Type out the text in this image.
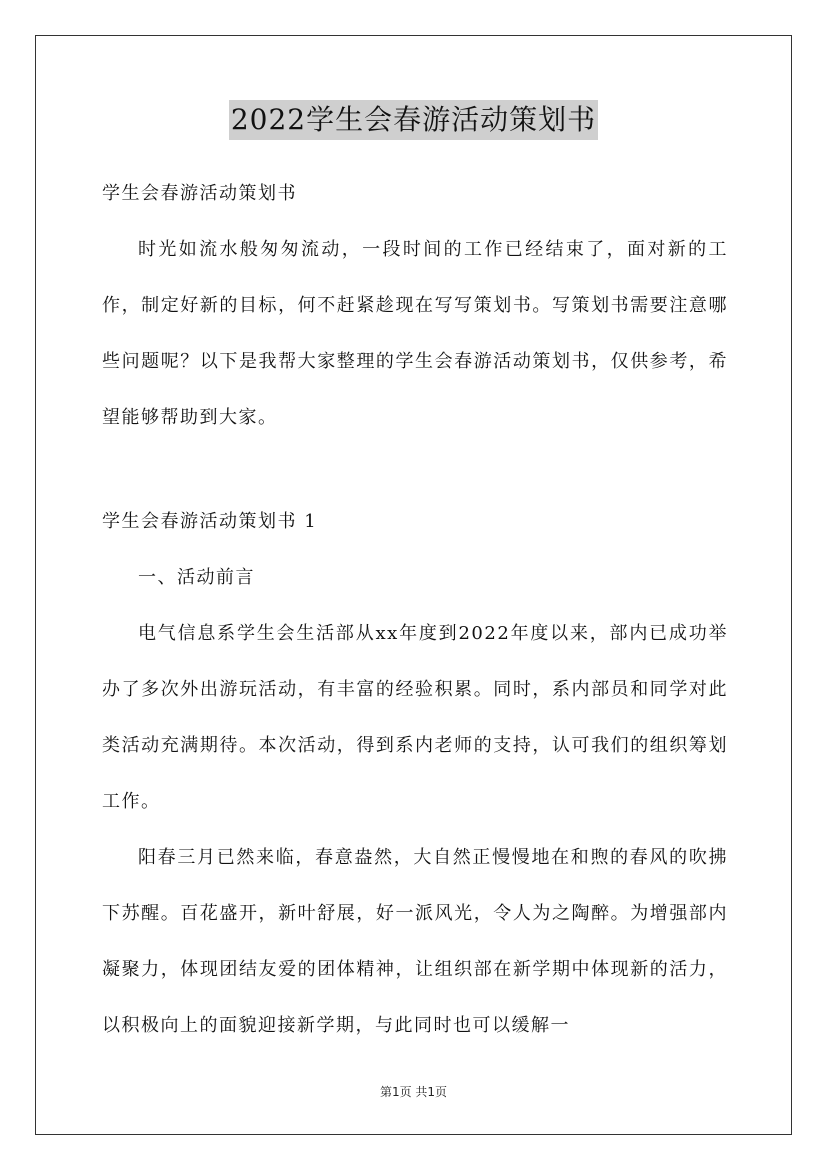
2022学生会春游活动策划书

学生会春游活动策划书

时光如流水般匆匆流动，一段时间的工作已经结束了，面对新的工作，制定好新的目标，何不赶紧趁现在写写策划书。写策划书需要注意哪些问题呢？以下是我帮大家整理的学生会春游活动策划书，仅供参考，希望能够帮助到大家。

学生会春游活动策划书 1

一、活动前言

电气信息系学生会生活部从xx年度到2022年度以来，部内已成功举办了多次外出游玩活动，有丰富的经验积累。同时，系内部员和同学对此类活动充满期待。本次活动，得到系内老师的支持，认可我们的组织筹划工作。

阳春三月已然来临，春意盎然，大自然正慢慢地在和煦的春风的吹拂下苏醒。百花盛开，新叶舒展，好一派风光，令人为之陶醉。为增强部内凝聚力，体现团结友爱的团体精神，让组织部在新学期中体现新的活力，以积极向上的面貌迎接新学期，与此同时也可以缓解一

第1页 共1页
